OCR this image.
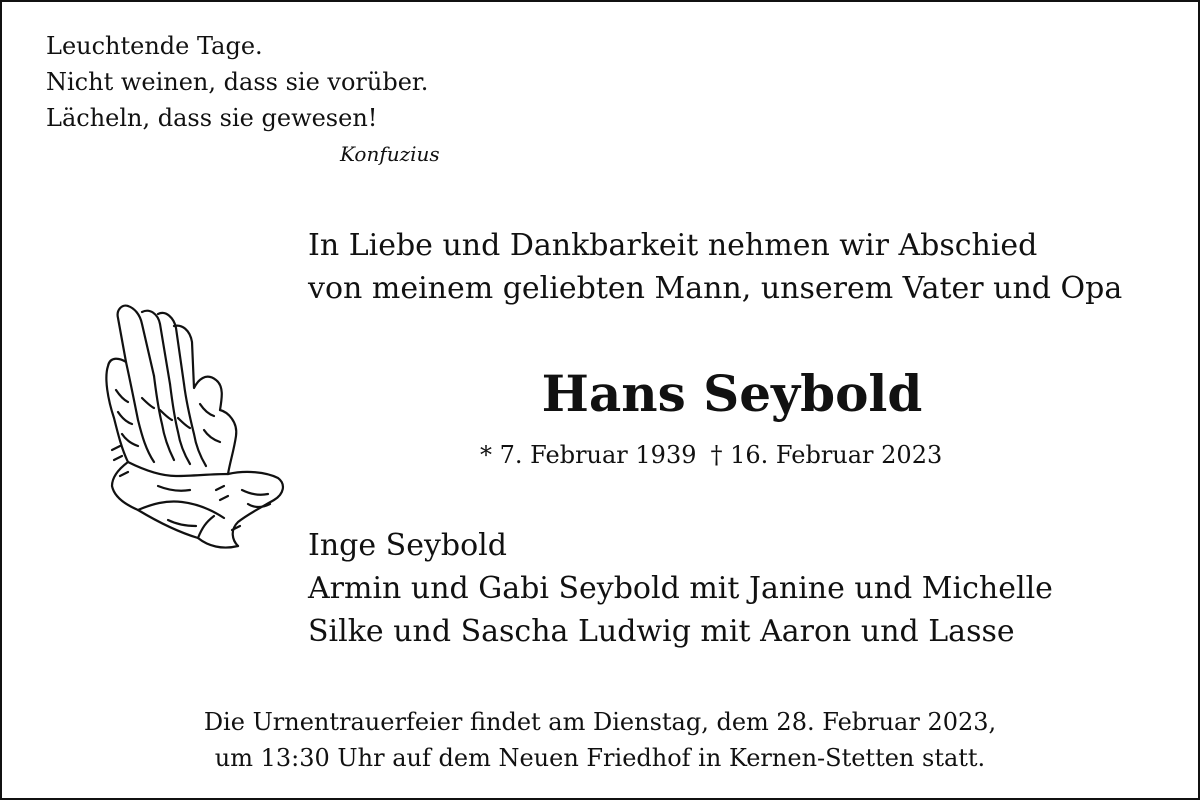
Leuchtende Tage.
Nicht weinen, dass sie vorüber.
Lächeln, dass sie gewesen!
Konfuzius
In Liebe und Dankbarkeit nehmen wir Abschied
von meinem geliebten Mann, unserem Vater und Opa
Hans Seybold
* 7. Februar 1939 † 16. Februar 2023
Inge Seybold
Armin und Gabi Seybold mit Janine und Michelle
Silke und Sascha Ludwig mit Aaron und Lasse
Die Urnentrauerfeier findet am Dienstag, dem 28. Februar 2023,
um 13:30 Uhr auf dem Neuen Friedhof in Kernen-Stetten statt.
